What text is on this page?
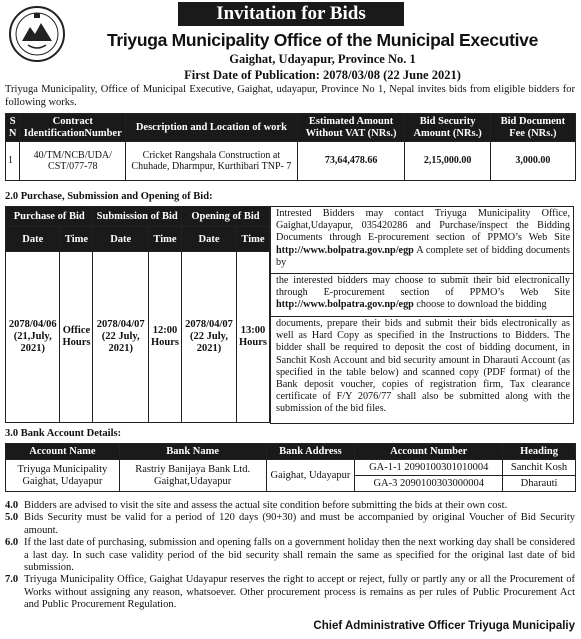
Invitation for Bids
Triyuga Municipality Office of the Municipal Executive
Gaighat, Udayapur, Province No. 1
First Date of Publication: 2078/03/08 (22 June 2021)
Triyuga Municipality, Office of Municipal Executive, Gaighat, udayapur, Province No 1, Nepal invites bids from eligible bidders for following works.
S N	Contract IdentificationNumber	Description and Location of work	Estimated Amount Without VAT (NRs.)	Bid Security Amount (NRs.)	Bid Document Fee (NRs.)
1	40/TM/NCB/UDA/ CST/077-78	Cricket Rangshala Construction at Chuhade, Dharmpur, Kurthibari TNP- 7	73,64,478.66	2,15,000.00	3,000.00
2.0 Purchase, Submission and Opening of Bid:
Purchase of Bid		Submission of Bid		Opening of Bid	
Date	Time	Date	Time	Date	Time
2078/04/06 (21,July, 2021)	Office Hours	2078/04/07 (22 July, 2021)	12:00 Hours	2078/04/07 (22 July, 2021)	13:00 Hours
Intrested Bidders may contact Triyuga Municipality Office, Gaighat,Udayapur, 035420286 and Purchase/inspect the Bidding Documents through E-procurement section of PPMO’s Web Site http://www.bolpatra.gov.np/egp A complete set of bidding documents by
the interested bidders may choose to submit their bid electronically through E-procurement section of PPMO’s Web Site http://www.bolpatra.gov.np/egp choose to download the bidding
documents, prepare their bids and submit their bids electronically as well as Hard Copy as specified in the Instructions to Bidders. The bidder shall be required to deposit the cost of bidding document, in Sanchit Kosh Account and bid security amount in Dharauti Account (as specified in the table below) and scanned copy (PDF format) of the Bank deposit voucher, copies of registration firm, Tax clearance certificate of F/Y 2076/77 shall also be submitted along with the submission of the bid files.
3.0 Bank Account Details:
Account Name	Bank Name	Bank Address	Account Number	Heading
Triyuga Municipality Gaighat, Udayapur	Rastriy Banijaya Bank Ltd. Gaighat,Udayapur	Gaighat, Udayapur	GA-1-1 2090100301010004	Sanchit Kosh
			GA-3 2090100303000004	Dharauti
4.0 Bidders are advised to visit the site and assess the actual site condition before submitting the bids at their own cost.
5.0 Bids Security must be valid for a period of 120 days (90+30) and must be accompanied by original Voucher of Bid Security amount.
6.0 If the last date of purchasing, submission and opening falls on a government holiday then the next working day shall be considered a last day. In such case validity period of the bid security shall remain the same as specified for the original last date of bid submission.
7.0 Triyuga Municipality Office, Gaighat Udayapur reserves the right to accept or reject, fully or partly any or all the Procurement of Works without assigning any reason, whatsoever. Other procurement process is remains as per rules of Public Procurement Act and Public Procurement Regulation.
Chief Administrative Officer Triyuga Municipaliy
